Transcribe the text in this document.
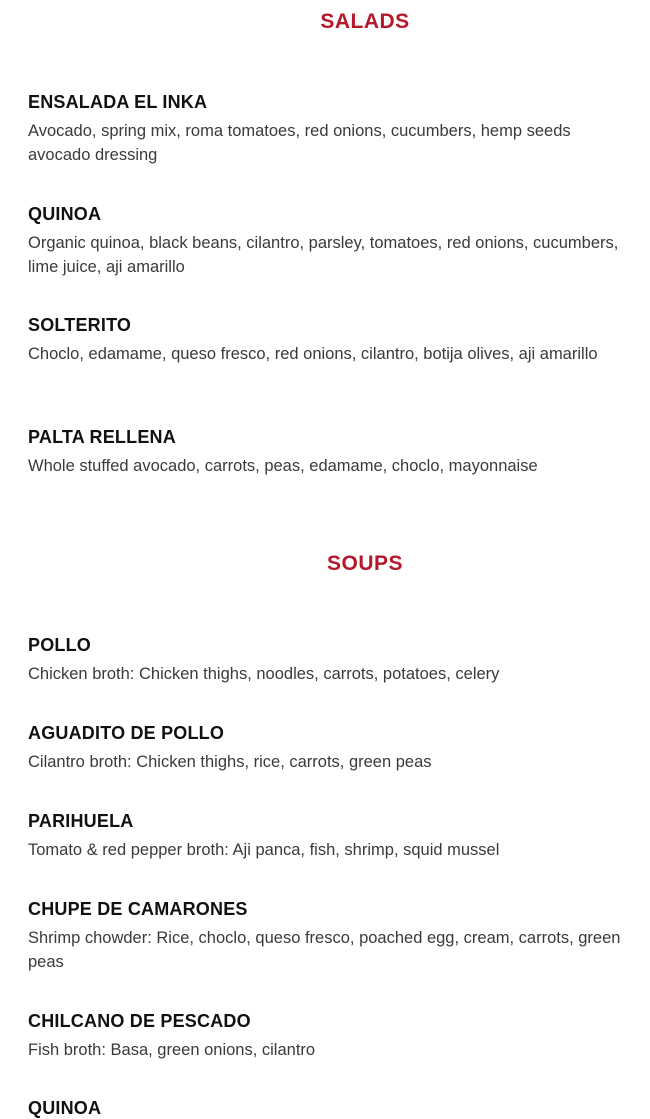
SALADS

ENSALADA EL INKA

Avocado, spring mix, roma tomatoes, red onions, cucumbers, hemp seeds avocado dressing

QUINOA

Organic quinoa, black beans, cilantro, parsley, tomatoes, red onions, cucumbers, lime juice, aji amarillo

SOLTERITO

Choclo, edamame, queso fresco, red onions, cilantro, botija olives, aji amarillo

PALTA RELLENA

Whole stuffed avocado, carrots, peas, edamame, choclo, mayonnaise

SOUPS

POLLO

Chicken broth: Chicken thighs, noodles, carrots, potatoes, celery

AGUADITO DE POLLO

Cilantro broth: Chicken thighs, rice, carrots, green peas

PARIHUELA

Tomato & red pepper broth: Aji panca, fish, shrimp, squid mussel

CHUPE DE CAMARONES

Shrimp chowder: Rice, choclo, queso fresco, poached egg, cream, carrots, green peas

CHILCANO DE PESCADO

Fish broth: Basa, green onions, cilantro

QUINOA
